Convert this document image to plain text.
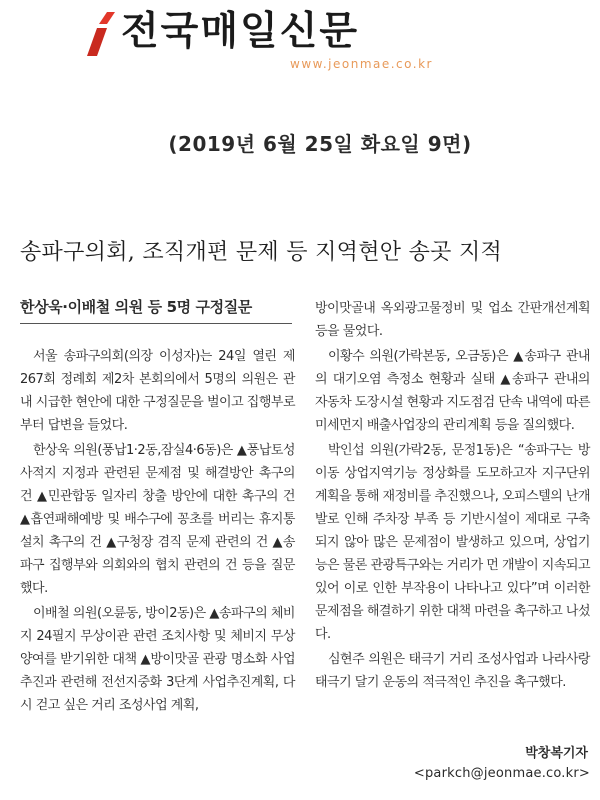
전국매일신문
www.jeonmae.co.kr
(2019년 6월 25일 화요일 9면)
송파구의회, 조직개편 문제 등 지역현안 송곳 지적
한상욱·이배철 의원 등 5명 구정질문

서울 송파구의회(의장 이성자)는 24일 열린 제267회 정례회 제2차 본회의에서 5명의 의원은 관내 시급한 현안에 대한 구정질문을 벌이고 집행부로부터 답변을 들었다.

한상욱 의원(풍납1·2동,잠실4·6동)은 ▲풍납토성사적지 지정과 관련된 문제점 및 해결방안 촉구의 건 ▲민관합동 일자리 창출 방안에 대한 촉구의 건 ▲흡연패해예방 및 배수구에 꽁초를 버리는 휴지통 설치 촉구의 건 ▲구청장 겸직 문제 관련의 건 ▲송파구 집행부와 의회와의 협치 관련의 건 등을 질문했다.

이배철 의원(오륜동, 방이2동)은 ▲송파구의 체비지 24필지 무상이관 관련 조치사항 및 체비지 무상 양여를 받기위한 대책 ▲방이맛골 관광 명소화 사업 추진과 관련해 전선지중화 3단계 사업추진계획, 다시 걷고 싶은 거리 조성사업 계획,

방이맛골내 옥외광고물정비 및 업소 간판개선계획 등을 물었다.

이황수 의원(가락본동, 오금동)은 ▲송파구 관내의 대기오염 측정소 현황과 실태 ▲송파구 관내의 자동차 도장시설 현황과 지도점검 단속 내역에 따른 미세먼지 배출사업장의 관리계획 등을 질의했다.

박인섭 의원(가락2동, 문정1동)은 “송파구는 방이동 상업지역기능 정상화를 도모하고자 지구단위계획을 통해 재정비를 추진했으나, 오피스텔의 난개발로 인해 주차장 부족 등 기반시설이 제대로 구축되지 않아 많은 문제점이 발생하고 있으며, 상업기능은 물론 관광특구와는 거리가 먼 개발이 지속되고 있어 이로 인한 부작용이 나타나고 있다”며 이러한 문제점을 해결하기 위한 대책 마련을 촉구하고 나섰다.

심현주 의원은 태극기 거리 조성사업과 나라사랑 태극기 달기 운동의 적극적인 추진을 촉구했다.

박창복기자
<parkch@jeonmae.co.kr>
